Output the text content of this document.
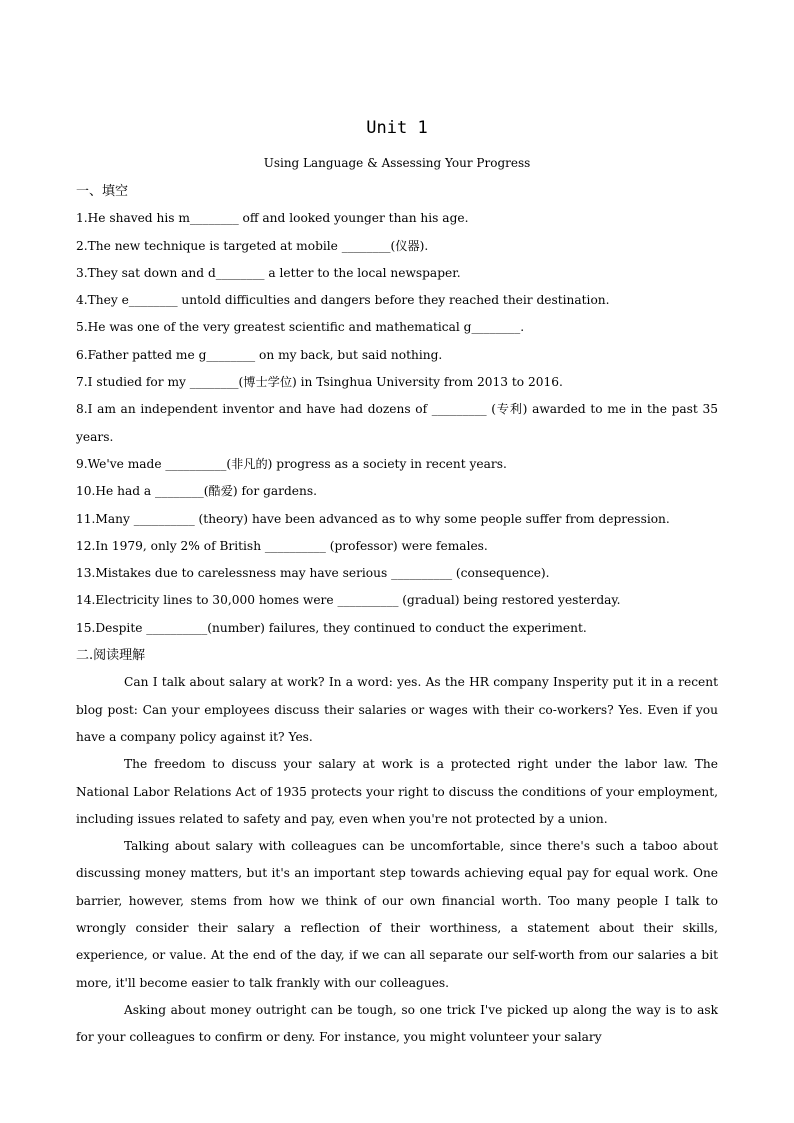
Unit 1
Using Language & Assessing Your Progress

一、填空

1.He shaved his m________ off and looked younger than his age.

2.The new technique is targeted at mobile ________(仪器).

3.They sat down and d________ a letter to the local newspaper.

4.They e________ untold difficulties and dangers before they reached their destination.

5.He was one of the very greatest scientific and mathematical g________.

6.Father patted me g________ on my back, but said nothing.

7.I studied for my ________(博士学位) in Tsinghua University from 2013 to 2016.

8.I am an independent inventor and have had dozens of _________ (专利) awarded to me in the past 35 years.

9.We've made __________(非凡的) progress as a society in recent years.

10.He had a ________(酷爱) for gardens.

11.Many __________ (theory) have been advanced as to why some people suffer from depression.

12.In 1979, only 2% of British __________ (professor) were females.

13.Mistakes due to carelessness may have serious __________ (consequence).

14.Electricity lines to 30,000 homes were __________ (gradual) being restored yesterday.

15.Despite __________(number) failures, they continued to conduct the experiment.

二.阅读理解

Can I talk about salary at work? In a word: yes. As the HR company Insperity put it in a recent blog post: Can your employees discuss their salaries or wages with their co-workers? Yes. Even if you have a company policy against it? Yes.

The freedom to discuss your salary at work is a protected right under the labor law. The National Labor Relations Act of 1935 protects your right to discuss the conditions of your employment, including issues related to safety and pay, even when you're not protected by a union.

Talking about salary with colleagues can be uncomfortable, since there's such a taboo about discussing money matters, but it's an important step towards achieving equal pay for equal work. One barrier, however, stems from how we think of our own financial worth. Too many people I talk to wrongly consider their salary a reflection of their worthiness, a statement about their skills, experience, or value. At the end of the day, if we can all separate our self-worth from our salaries a bit more, it'll become easier to talk frankly with our colleagues.

Asking about money outright can be tough, so one trick I've picked up along the way is to ask for your colleagues to confirm or deny. For instance, you might volunteer your salary
